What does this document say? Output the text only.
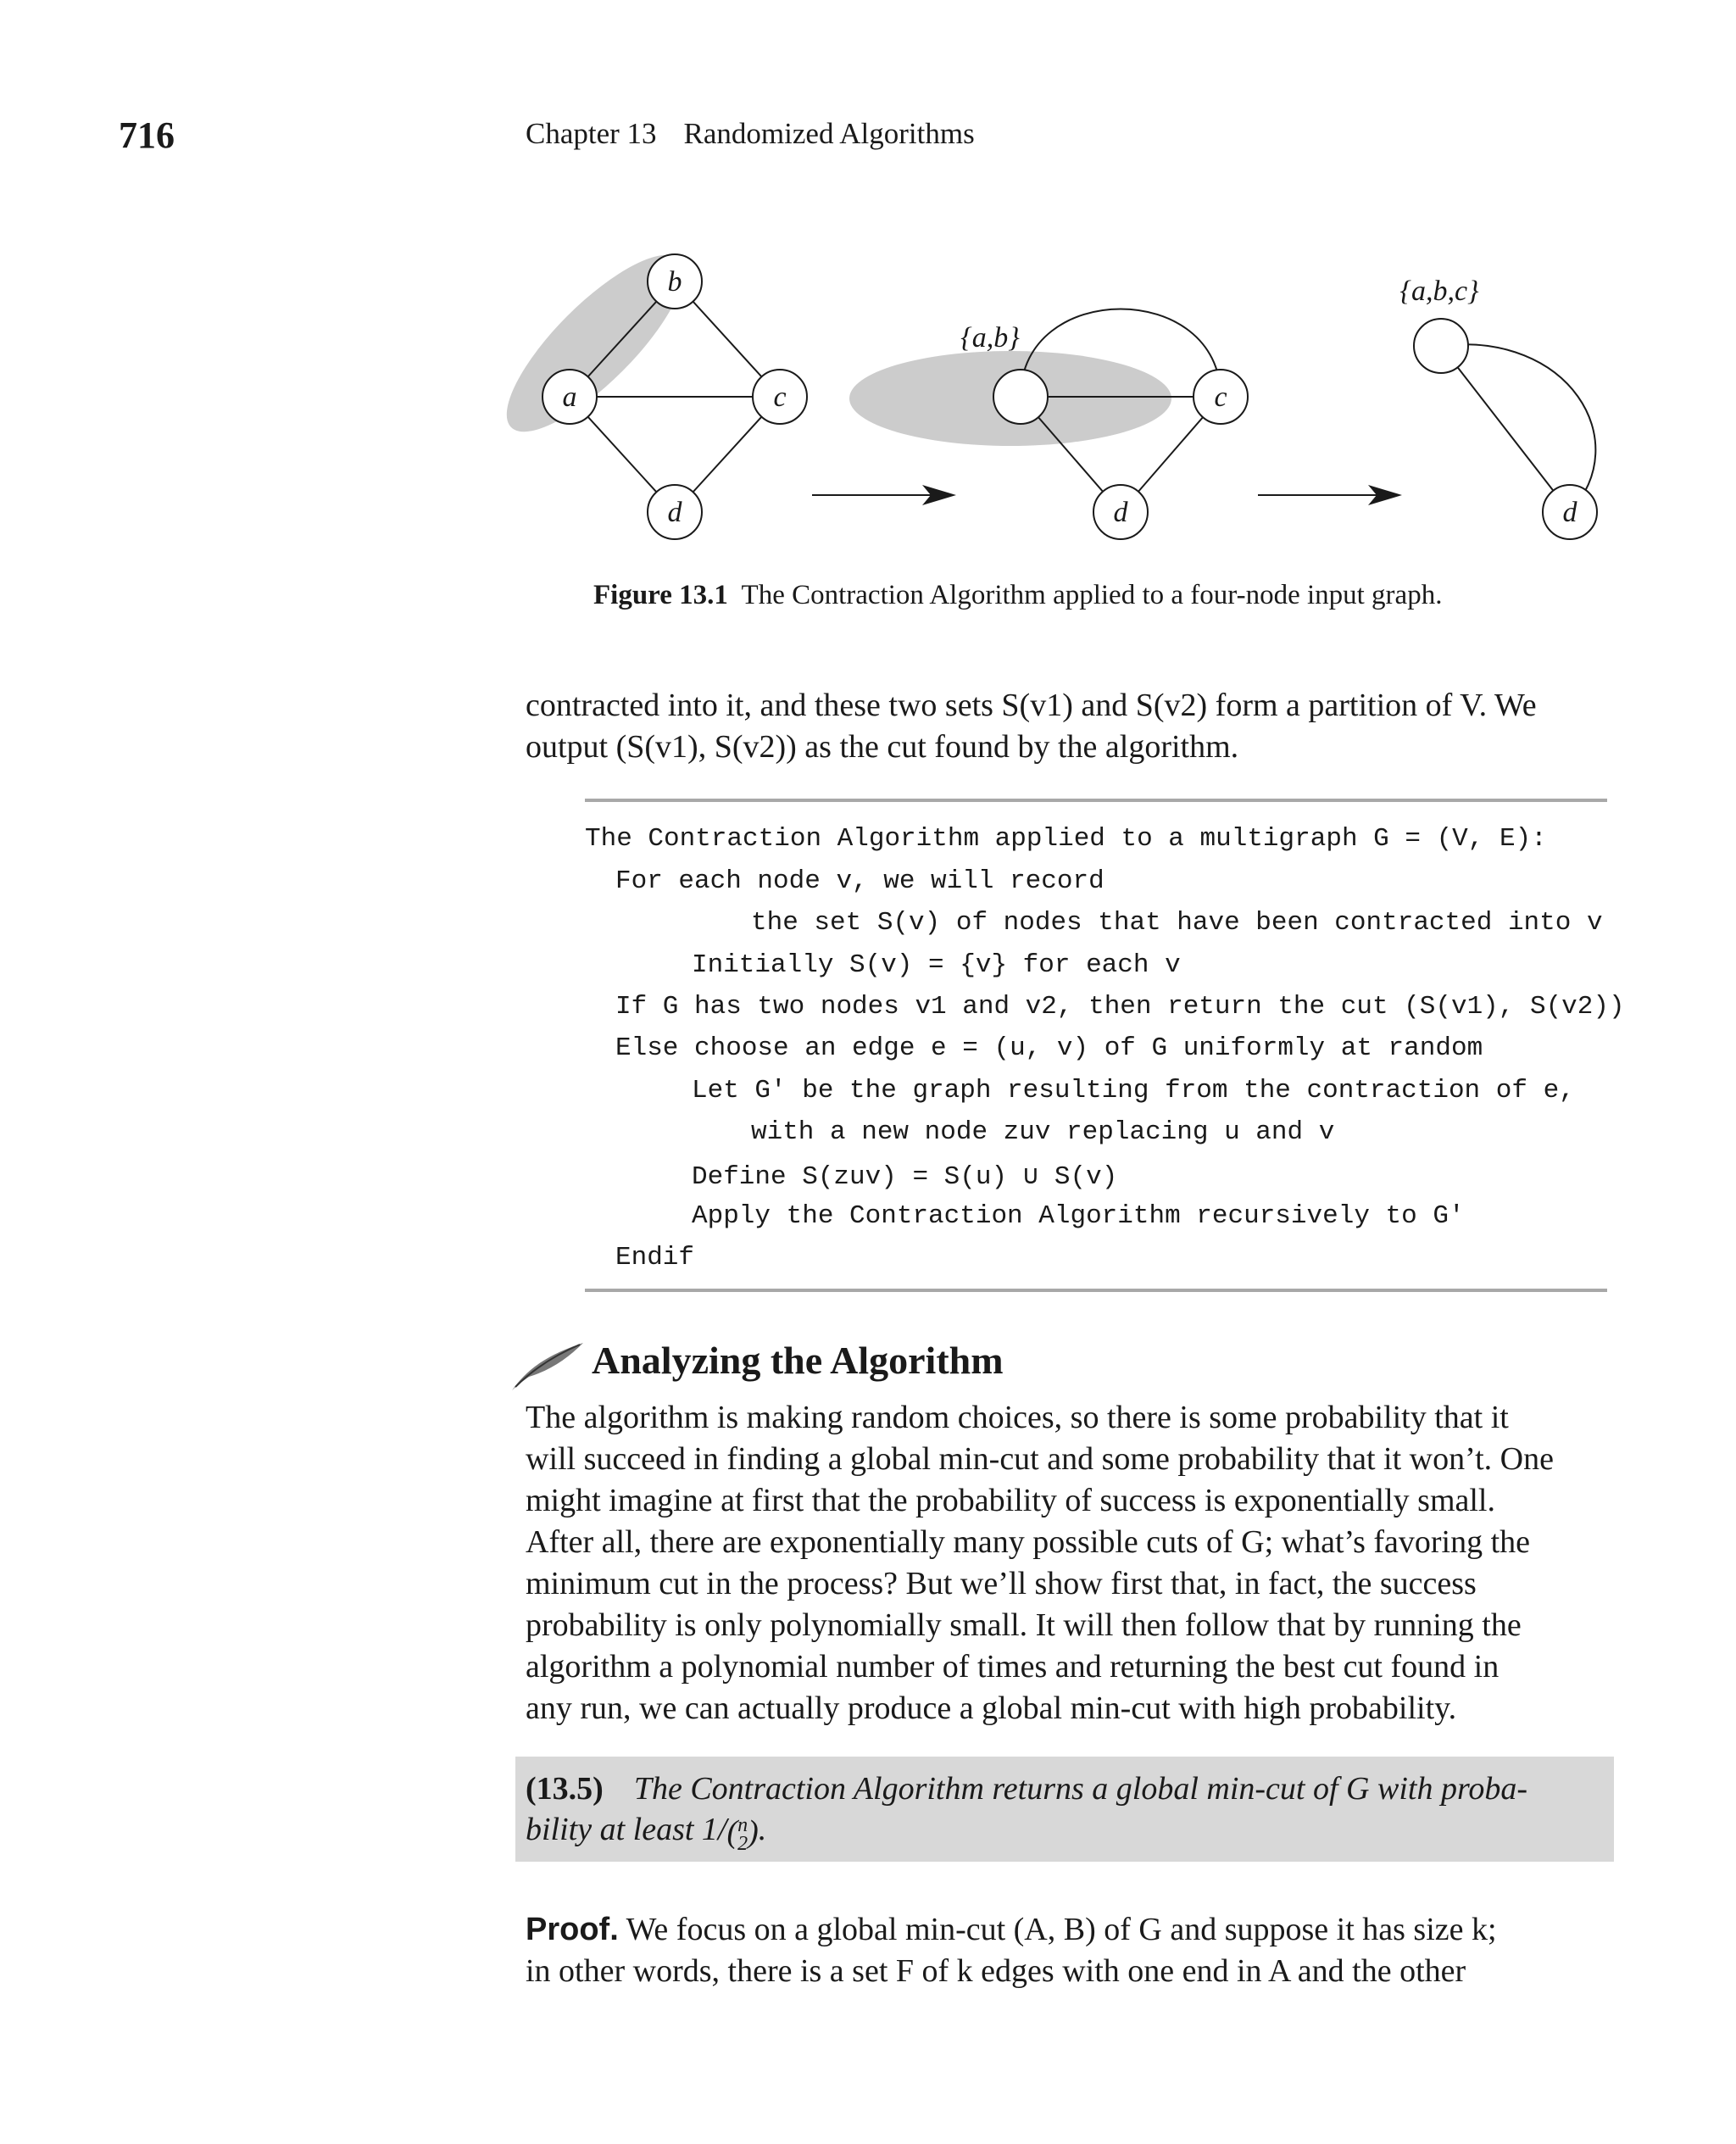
716	Chapter 13 Randomized Algorithms
a
b
c
d
{a,b}
c
d
{a,b,c}
d
Figure 13.1 The Contraction Algorithm applied to a four-node input graph.
contracted into it, and these two sets S(v1) and S(v2) form a partition of V. We
output (S(v1), S(v2)) as the cut found by the algorithm.
The Contraction Algorithm applied to a multigraph G = (V, E):
For each node v, we will record
the set S(v) of nodes that have been contracted into v
Initially S(v) = {v} for each v
If G has two nodes v1 and v2, then return the cut (S(v1), S(v2))
Else choose an edge e = (u, v) of G uniformly at random
Let G′ be the graph resulting from the contraction of e,
with a new node zuv replacing u and v
Define S(zuv) = S(u) ∪ S(v)
Apply the Contraction Algorithm recursively to G′
Endif
Analyzing the Algorithm
The algorithm is making random choices, so there is some probability that it
will succeed in finding a global min-cut and some probability that it won’t. One
might imagine at first that the probability of success is exponentially small.
After all, there are exponentially many possible cuts of G; what’s favoring the
minimum cut in the process? But we’ll show first that, in fact, the success
probability is only polynomially small. It will then follow that by running the
algorithm a polynomial number of times and returning the best cut found in
any run, we can actually produce a global min-cut with high probability.
(13.5) The Contraction Algorithm returns a global min-cut of G with proba-
bility at least 1/(n
2).
Proof. We focus on a global min-cut (A, B) of G and suppose it has size k;
in other words, there is a set F of k edges with one end in A and the other
